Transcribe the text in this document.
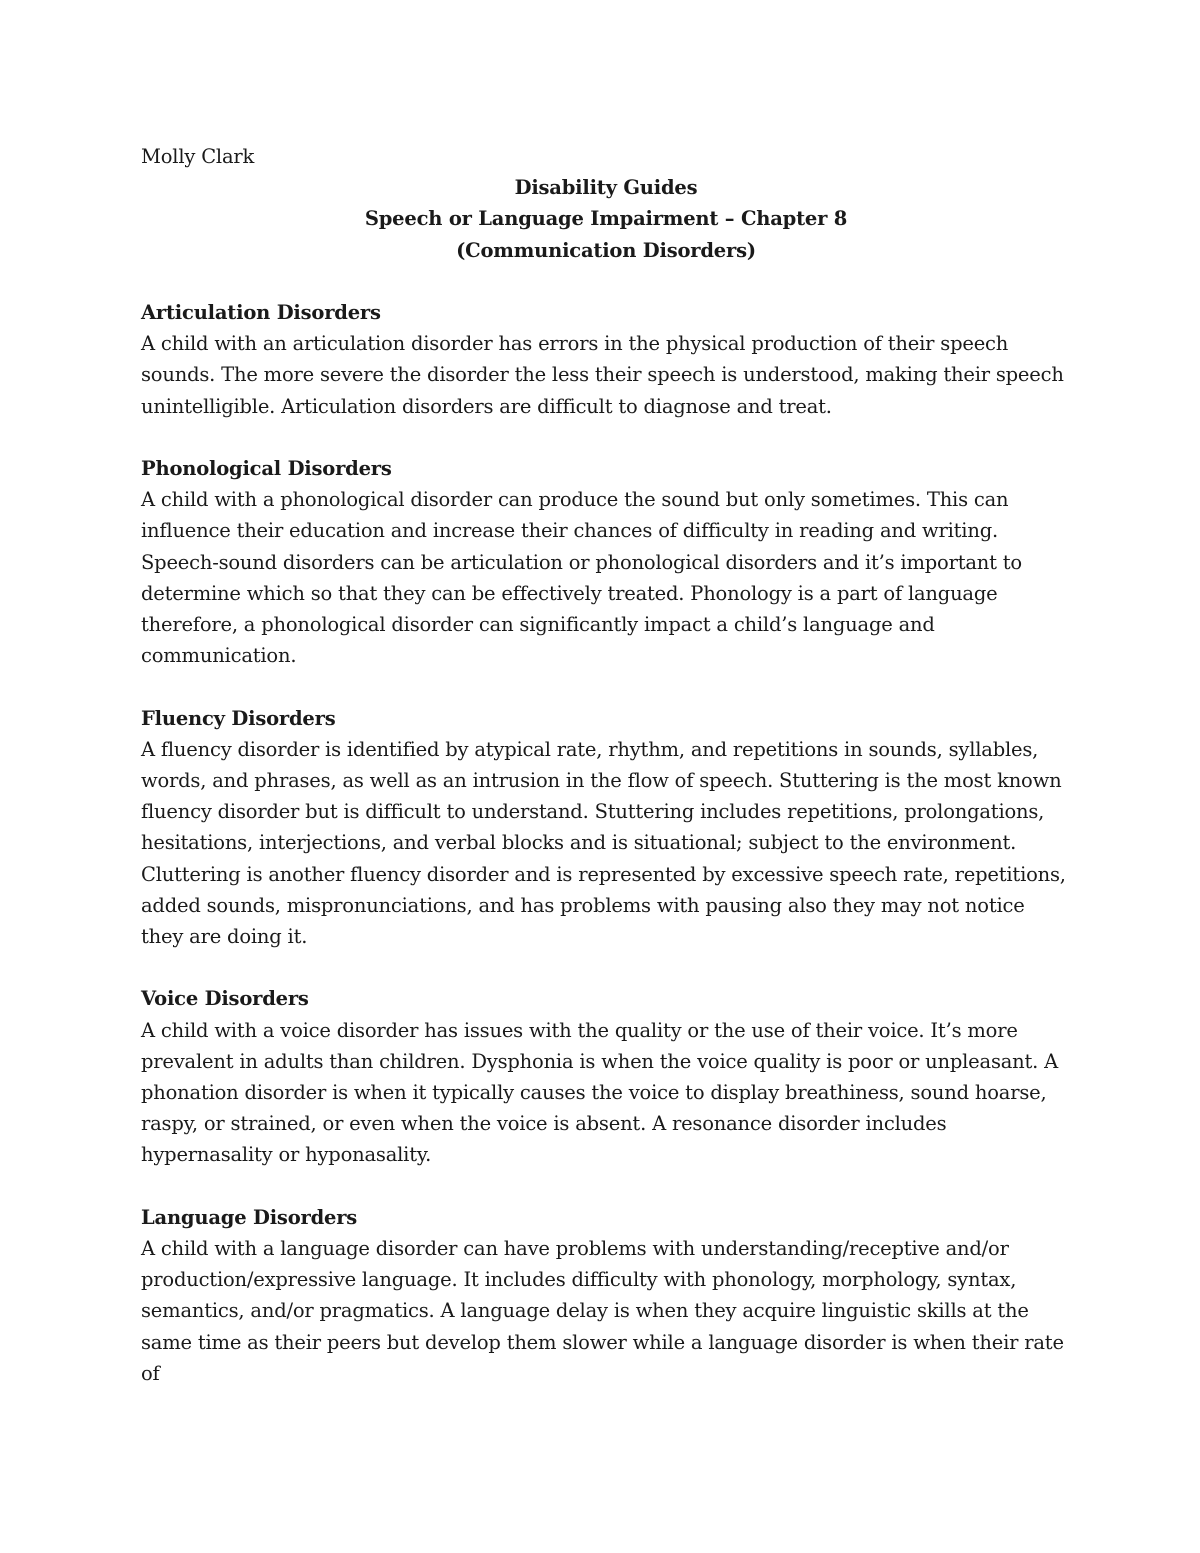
Molly Clark

Disability Guides
Speech or Language Impairment – Chapter 8
(Communication Disorders)

Articulation Disorders
A child with an articulation disorder has errors in the physical production of their speech sounds. The more severe the disorder the less their speech is understood, making their speech unintelligible. Articulation disorders are difficult to diagnose and treat.
Phonological Disorders
A child with a phonological disorder can produce the sound but only sometimes. This can influence their education and increase their chances of difficulty in reading and writing. Speech-sound disorders can be articulation or phonological disorders and it’s important to determine which so that they can be effectively treated. Phonology is a part of language therefore, a phonological disorder can significantly impact a child’s language and communication.
Fluency Disorders
A fluency disorder is identified by atypical rate, rhythm, and repetitions in sounds, syllables, words, and phrases, as well as an intrusion in the flow of speech. Stuttering is the most known fluency disorder but is difficult to understand. Stuttering includes repetitions, prolongations, hesitations, interjections, and verbal blocks and is situational; subject to the environment. Cluttering is another fluency disorder and is represented by excessive speech rate, repetitions, added sounds, mispronunciations, and has problems with pausing also they may not notice they are doing it.
Voice Disorders
A child with a voice disorder has issues with the quality or the use of their voice. It’s more prevalent in adults than children. Dysphonia is when the voice quality is poor or unpleasant. A phonation disorder is when it typically causes the voice to display breathiness, sound hoarse, raspy, or strained, or even when the voice is absent. A resonance disorder includes hypernasality or hyponasality.
Language Disorders
A child with a language disorder can have problems with understanding/receptive and/or production/expressive language. It includes difficulty with phonology, morphology, syntax, semantics, and/or pragmatics. A language delay is when they acquire linguistic skills at the same time as their peers but develop them slower while a language disorder is when their rate of
